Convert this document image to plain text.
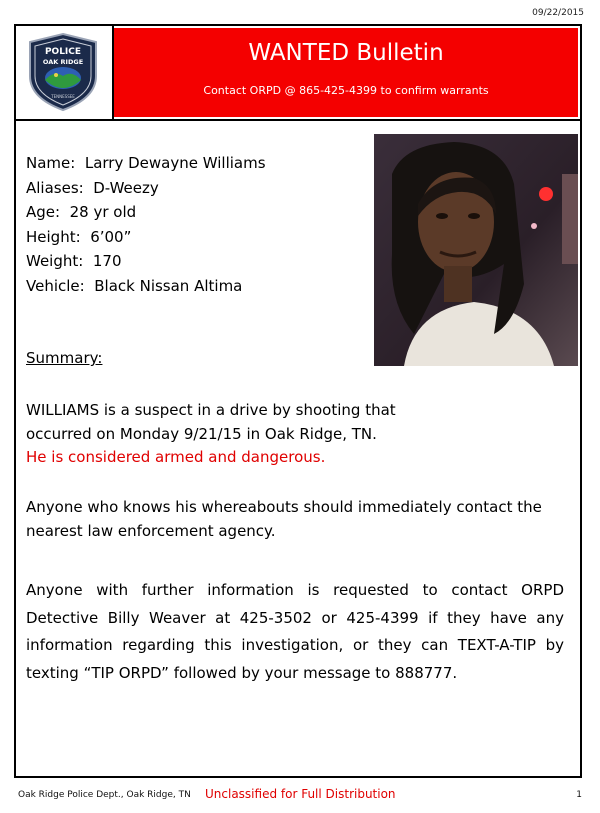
09/22/2015
POLICE
OAK RIDGE
TENNESSEE
WANTED Bulletin
Contact ORPD @ 865-425-4399 to confirm warrants
Name: Larry Dewayne Williams
Aliases: D-Weezy
Age: 28 yr old
Height: 6’00”
Weight: 170
Vehicle: Black Nissan Altima
Summary:
WILLIAMS is a suspect in a drive by shooting that
occurred on Monday 9/21/15 in Oak Ridge, TN.
He is considered armed and dangerous.
Anyone who knows his whereabouts should immediately contact the nearest law enforcement agency.
Anyone with further information is requested to contact ORPD Detective Billy Weaver at 425-3502 or 425-4399 if they have any information regarding this investigation, or they can TEXT-A-TIP by texting “TIP ORPD” followed by your message to 888777.
Oak Ridge Police Dept., Oak Ridge, TN Unclassified for Full Distribution	1
